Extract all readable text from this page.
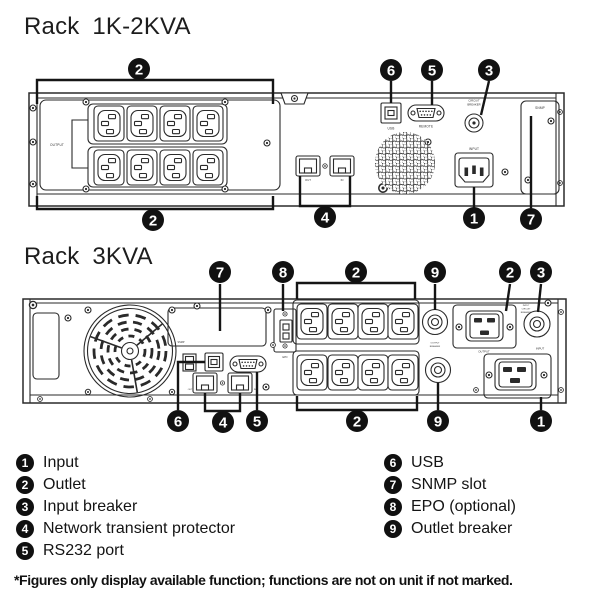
Rack 1K-2KVA
Rack 3KVA
OUTPUT
OUT	IN
USB	REMOTE
CIRCUIT
BREAKER
INPUT
SNMP
2
2	4
6 5	3
1	7
SNMP
EPO
OUTPUT
BREAKER
OUTPUT
INPUT
CIRCUIT
BREAKER
INPUT
OUT	IN
7	8	2	9	2 3
6 4 5	2	9	1
1 Input
2 Outlet
3 Input breaker
4 Network transient protector
5 RS232 port
6 USB
7 SNMP slot
8 EPO (optional)
9 Outlet breaker
*Figures only display available function; functions are not on unit if not marked.
